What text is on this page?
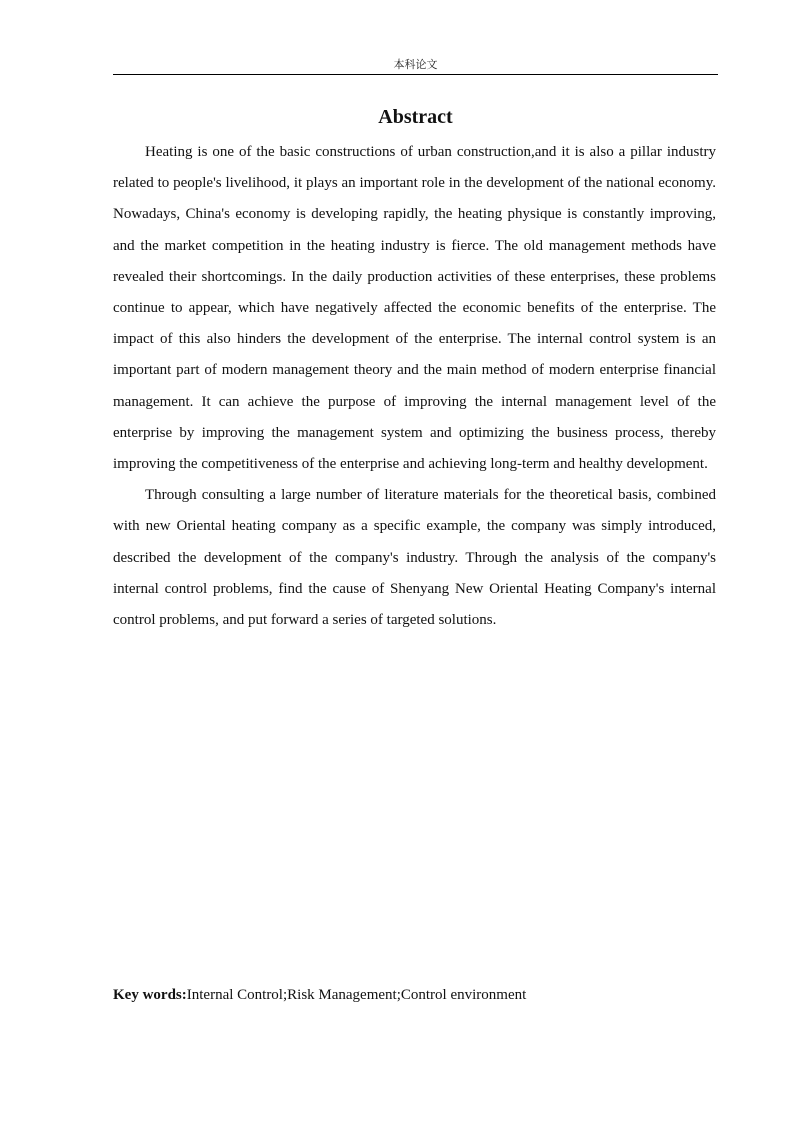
本科论文
Abstract

Heating is one of the basic constructions of urban construction,and it is also a pillar industry related to people's livelihood, it plays an important role in the development of the national economy. Nowadays, China's economy is developing rapidly, the heating physique is constantly improving, and the market competition in the heating industry is fierce. The old management methods have revealed their shortcomings. In the daily production activities of these enterprises, these problems continue to appear, which have negatively affected the economic benefits of the enterprise. The impact of this also hinders the development of the enterprise. The internal control system is an important part of modern management theory and the main method of modern enterprise financial management. It can achieve the purpose of improving the internal management level of the enterprise by improving the management system and optimizing the business process, thereby improving the competitiveness of the enterprise and achieving long-term and healthy development.

Through consulting a large number of literature materials for the theoretical basis, combined with new Oriental heating company as a specific example, the company was simply introduced, described the development of the company's industry. Through the analysis of the company's internal control problems, find the cause of Shenyang New Oriental Heating Company's internal control problems, and put forward a series of targeted solutions.

Key words:Internal Control;Risk Management;Control environment
